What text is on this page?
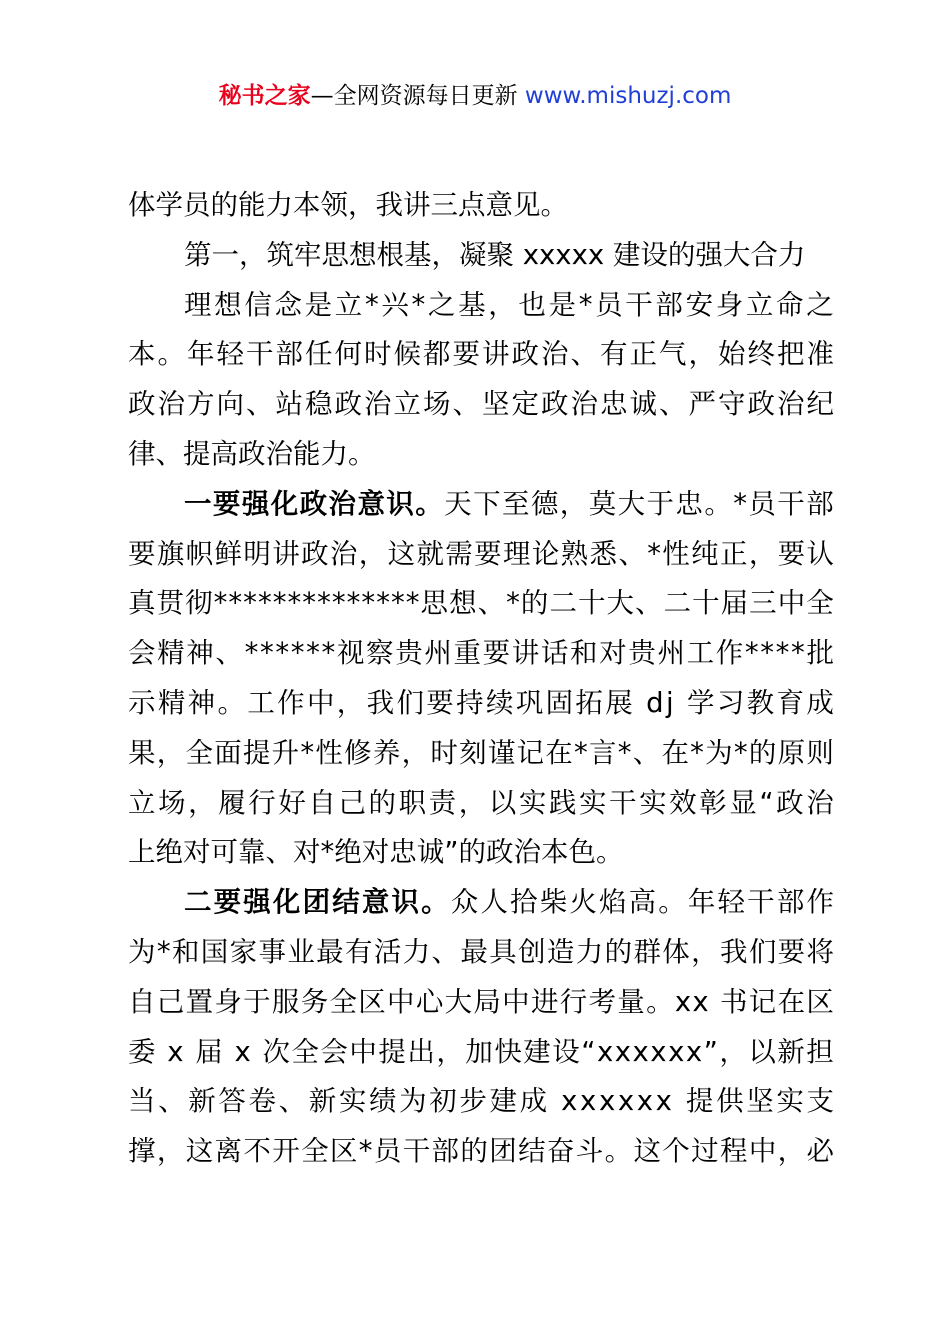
秘书之家—全网资源每日更新 www.mishuzj.com
体学员的能力本领，我讲三点意见。
第一，筑牢思想根基，凝聚 xxxxx 建设的强大合力
理 想 信 念 是 立 * 兴 * 之 基 ， 也 是 * 员 干 部 安 身 立 命 之
本 。 年 轻 干 部 任 何 时 候 都 要 讲 政 治 、 有 正 气 ， 始 终 把 准
政 治 方 向 、 站 稳 政 治 立 场 、 坚 定 政 治 忠 诚 、 严 守 政 治 纪
律、提高政治能力。
一 要 强 化 政 治 意 识 。 天 下 至 德 ， 莫 大 于 忠 。 * 员 干 部
要 旗 帜 鲜 明 讲 政 治 ， 这 就 需 要 理 论 熟 悉 、 * 性 纯 正 ， 要 认
真 贯 彻 * * * * * * * * * * * * * * 思 想 、 * 的 二 十 大 、 二 十 届 三 中 全
会 精 神 、 * * * * * * 视 察 贵 州 重 要 讲 话 和 对 贵 州 工 作 * * * * 批
示 精 神 。 工 作 中 ， 我 们 要 持 续 巩 固 拓 展
d j
学 习 教 育 成
果 ， 全 面 提 升 * 性 修 养 ， 时 刻 谨 记 在 * 言 * 、 在 * 为 * 的 原 则
立 场 ， 履 行 好 自 己 的 职 责 ， 以 实 践 实 干 实 效 彰 显 “ 政 治
上绝对可靠、对*绝对忠诚”的政治本色。
二 要 强 化 团 结 意 识 。 众 人 拾 柴 火 焰 高 。 年 轻 干 部 作
为 * 和 国 家 事 业 最 有 活 力 、 最 具 创 造 力 的 群 体 ， 我 们 要 将
自 己 置 身 于 服 务 全 区 中 心 大 局 中 进 行 考 量 。 x x
书 记 在 区
委
x
届
x
次 全 会 中 提 出 ， 加 快 建 设 “ x x x x x x ” ， 以 新 担
当 、 新 答 卷 、 新 实 绩 为 初 步 建 成
x x x x x x
提 供 坚 实 支
撑 ， 这 离 不 开 全 区 * 员 干 部 的 团 结 奋 斗 。 这 个 过 程 中 ， 必
